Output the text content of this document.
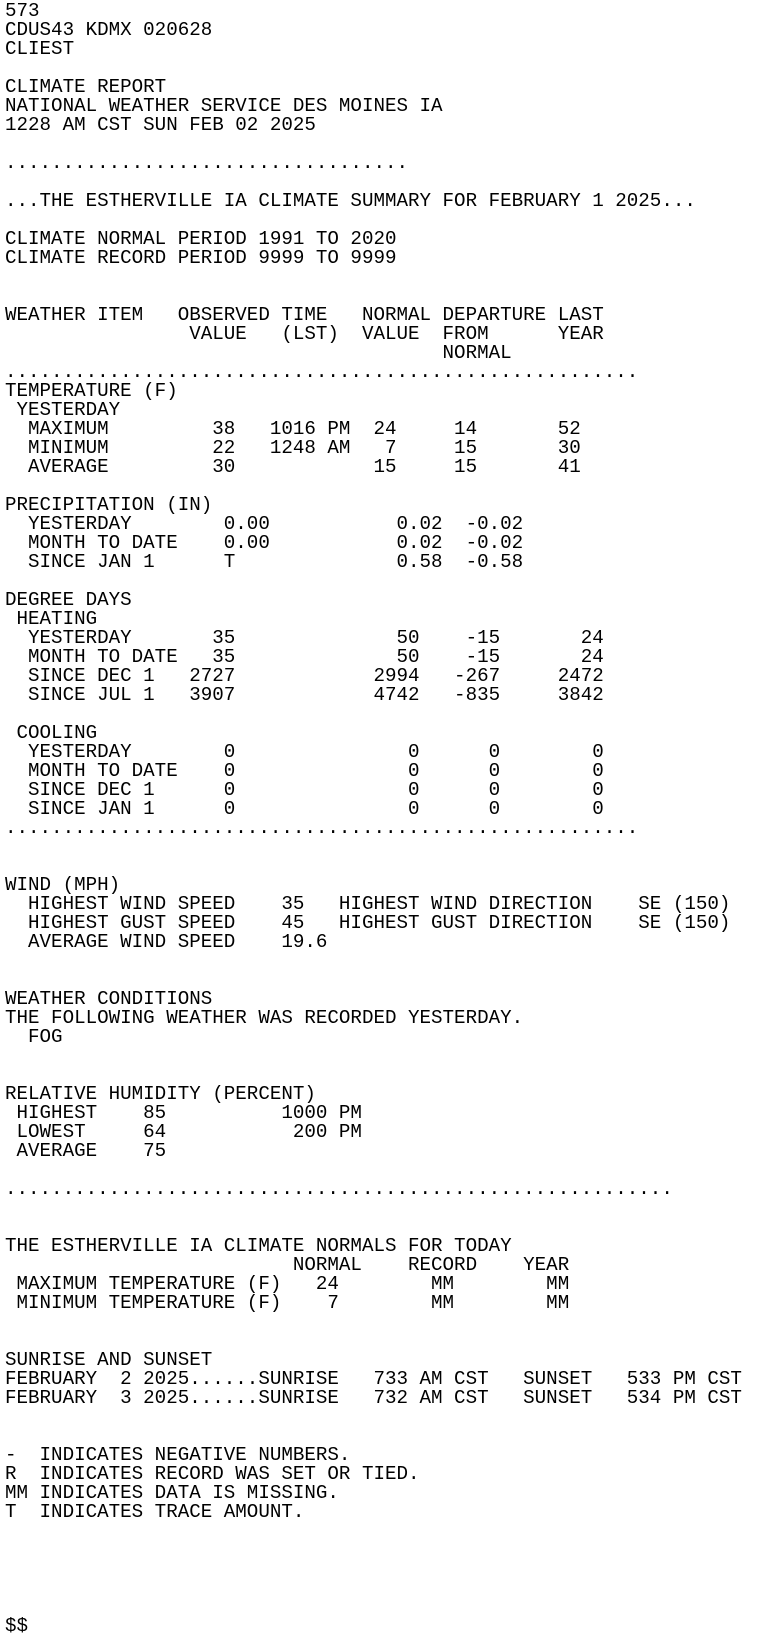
573
CDUS43 KDMX 020628
CLIEST
CLIMATE REPORT
NATIONAL WEATHER SERVICE DES MOINES IA
1228 AM CST SUN FEB 02 2025
...................................
...THE ESTHERVILLE IA CLIMATE SUMMARY FOR FEBRUARY 1 2025...
CLIMATE NORMAL PERIOD 1991 TO 2020
CLIMATE RECORD PERIOD 9999 TO 9999
WEATHER ITEM   OBSERVED TIME   NORMAL DEPARTURE LAST
VALUE   (LST)  VALUE  FROM      YEAR
NORMAL
.......................................................
TEMPERATURE (F)
YESTERDAY
MAXIMUM         38   1016 PM  24     14       52
MINIMUM         22   1248 AM   7     15       30
AVERAGE         30            15     15       41
PRECIPITATION (IN)
YESTERDAY        0.00           0.02  -0.02
MONTH TO DATE    0.00           0.02  -0.02
SINCE JAN 1      T              0.58  -0.58
DEGREE DAYS
HEATING
YESTERDAY       35              50    -15       24
MONTH TO DATE   35              50    -15       24
SINCE DEC 1   2727            2994   -267     2472
SINCE JUL 1   3907            4742   -835     3842
COOLING
YESTERDAY        0               0      0        0
MONTH TO DATE    0               0      0        0
SINCE DEC 1      0               0      0        0
SINCE JAN 1      0               0      0        0
.......................................................
WIND (MPH)
HIGHEST WIND SPEED    35   HIGHEST WIND DIRECTION    SE (150)
HIGHEST GUST SPEED    45   HIGHEST GUST DIRECTION    SE (150)
AVERAGE WIND SPEED    19.6
WEATHER CONDITIONS
THE FOLLOWING WEATHER WAS RECORDED YESTERDAY.
FOG
RELATIVE HUMIDITY (PERCENT)
HIGHEST    85          1000 PM
LOWEST     64           200 PM
AVERAGE    75
..........................................................
THE ESTHERVILLE IA CLIMATE NORMALS FOR TODAY
NORMAL    RECORD    YEAR
MAXIMUM TEMPERATURE (F)   24        MM        MM
MINIMUM TEMPERATURE (F)    7        MM        MM
SUNRISE AND SUNSET
FEBRUARY  2 2025......SUNRISE   733 AM CST   SUNSET   533 PM CST
FEBRUARY  3 2025......SUNRISE   732 AM CST   SUNSET   534 PM CST
-  INDICATES NEGATIVE NUMBERS.
R  INDICATES RECORD WAS SET OR TIED.
MM INDICATES DATA IS MISSING.
T  INDICATES TRACE AMOUNT.
$$
